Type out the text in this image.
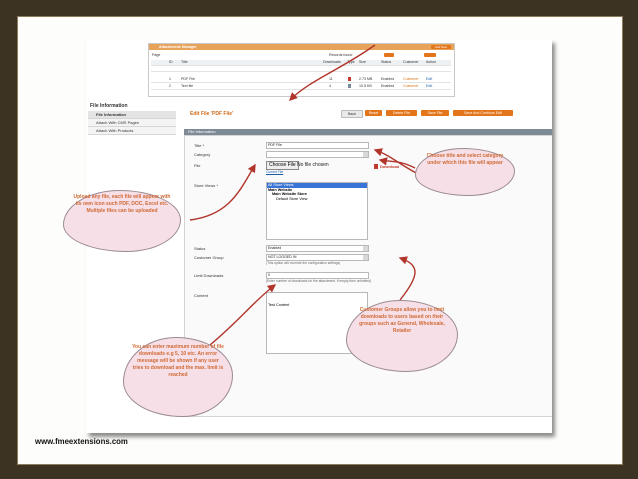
Attachments Manager	Add New
Page	Records found
ID Title	Downloads Type Size	Status	Customer Action
1	PDF File	11	2.73 MB Enabled Customer Edit
2	Text file	4	10.5 KB	Enabled Customer Edit
File Information
File Information
Attach With CMS Pages
Attach With Products
Edit File 'PDF File'	Back	Reset	Delete File	Save File	Save And Continue Edit
File Information
Title *	PDF File
Category
File	Choose File No file chosen
Current File
Download
Store Views *	All Store Views
Main Website
Main Website Store
Default Store View
Status	Enabled
Customer Group	NOT LOGGED IN
(This option will override the configuration settings)
Limit Downloads	0
(Enter number of downloads for the attachment. If empty then unlimited)
Content
Test Content
Upload any file, each file will appear with its own icon such PDF, DOC, Excel etc. Multiple files can be uploaded
Choose title and select category under which this file will appear
You can enter maximum number of file downloads e.g 5, 10 etc. An error message will be shown if any user tries to download and the max. limit is reached
Customer Groups allow you to limit downloads to users based on their groups such as General, Wholesale, Retailer
www.fmeextensions.com
